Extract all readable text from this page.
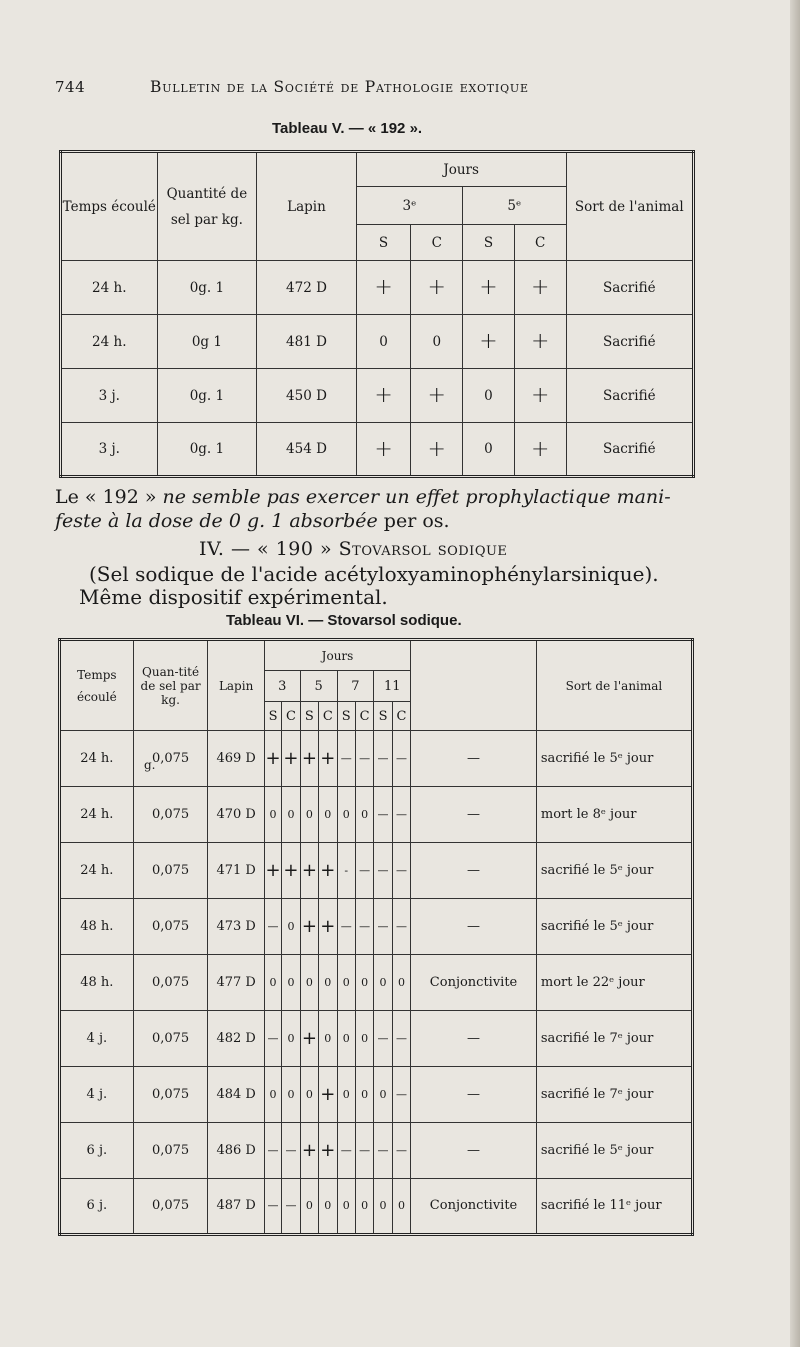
744	Bulletin de la Société de Pathologie exotique
Tableau V. — « 192 ».
Temps écoulé	Quantité de sel par kg.	Lapin	Jours				Sort de l'animal
			3ᵉ		5ᵉ		
			S	C	S	C	
24 h.	0g. 1	472 D	+	+	+	+	Sacrifié
24 h.	0g 1	481 D	0	0	+	+	Sacrifié
3 j.	0g. 1	450 D	+	+	0	+	Sacrifié
3 j.	0g. 1	454 D	+	+	0	+	Sacrifié
Le « 192 » ne semble pas exercer un effet prophylactique mani-
feste à la dose de 0 g. 1 absorbée per os.
IV. — « 190 » Stovarsol sodique
(Sel sodique de l'acide acétyloxyaminophénylarsinique).
Même dispositif expérimental.
Tableau VI. — Stovarsol sodique.
Temps écoulé	Quan-tité de sel par kg.	Lapin	Jours									Sort de l'animal
			3		5		7		11			
			S	C	S	C	S	C	S	C		
24 h.	0,075	469 D	+	+	+	+	—	—	—	—	—	sacrifié le 5ᵉ jour
24 h.	0,075	470 D	0	0	0	0	0	0	—	—	—	mort le 8ᵉ jour
24 h.	0,075	471 D	+	+	+	+	-	—	—	—	—	sacrifié le 5ᵉ jour
48 h.	0,075	473 D	—	0	+	+	—	—	—	—	—	sacrifié le 5ᵉ jour
48 h.	0,075	477 D	0	0	0	0	0	0	0	0	Conjonctivite	mort le 22ᵉ jour
4 j.	0,075	482 D	—	0	+	0	0	0	—	—	—	sacrifié le 7ᵉ jour
4 j.	0,075	484 D	0	0	0	+	0	0	0	—	—	sacrifié le 7ᵉ jour
6 j.	0,075	486 D	—	—	+	+	—	—	—	—	—	sacrifié le 5ᵉ jour
6 j.	0,075	487 D	—	—	0	0	0	0	0	0	Conjonctivite	sacrifié le 11ᵉ jour
g.
